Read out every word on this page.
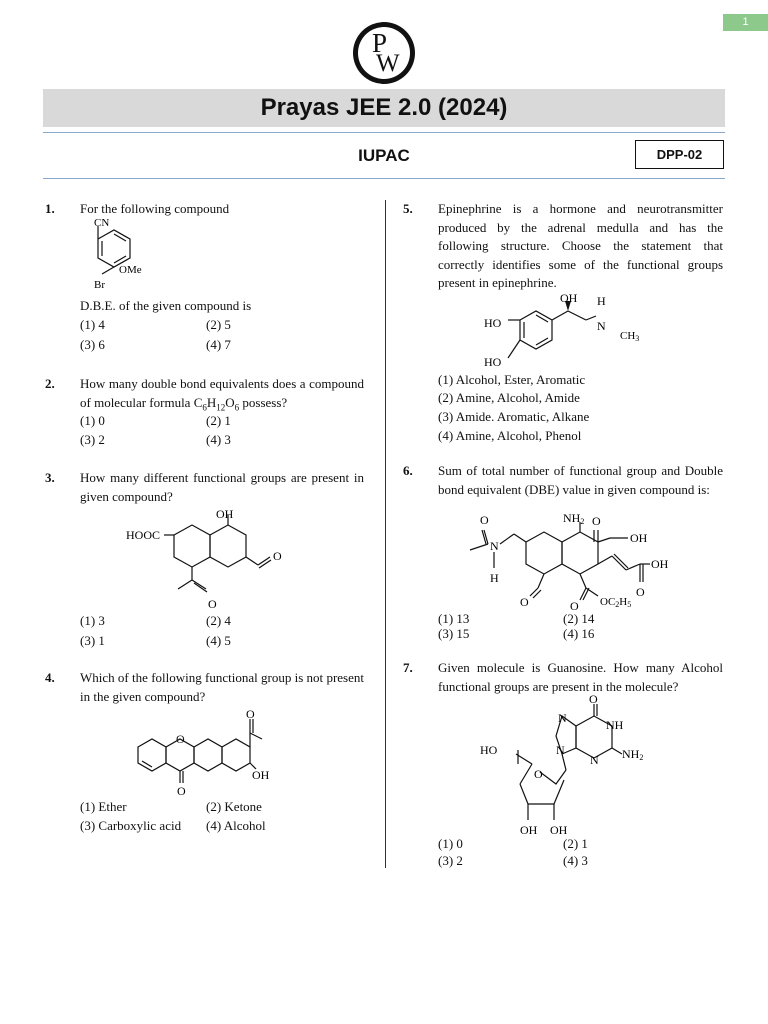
1
P
W
Prayas JEE 2.0 (2024)
IUPAC	DPP-02
1. For the following compound
CN
OMe
Br
D.B.E. of the given compound is
(1) 4	(2) 5
(3) 6	(4) 7
2. How many double bond equivalents does a compound of molecular formula $C_6H_{12}O_6$ possess?
(1) 0	(2) 1
(3) 2	(4) 3
3. How many different functional groups are present in given compound?
OH
HOOC
O
O
(1) 3	(2) 4
(3) 1	(4) 5
4. Which of the following functional group is not present in the given compound?
O
O
OH
O
(1) Ether	(2) Ketone
(3) Carboxylic acid (4) Alcohol
5. Epinephrine is a hormone and neurotransmitter produced by the adrenal medulla and has the following structure. Choose the statement that correctly identifies some of the functional groups present in epinephrine.
OH H
N
CH3
HO
HO
(1) Alcohol, Ester, Aromatic
(2) Amine, Alcohol, Amide
(3) Amide. Aromatic, Alkane
(4) Amine, Alcohol, Phenol
6. Sum of total number of functional group and Double bond equivalent (DBE) value in given compound is:
O	NH2 O
N
OH
OH
H
O	O OC2H5
O
(1) 13	(2) 14
(3) 15	(4) 16
7. Given molecule is Guanosine. How many Alcohol functional groups are present in the molecule?
O
NH
N
N
N	NH2
HO
O
OH OH
(1) 0	(2) 1
(3) 2	(4) 3
